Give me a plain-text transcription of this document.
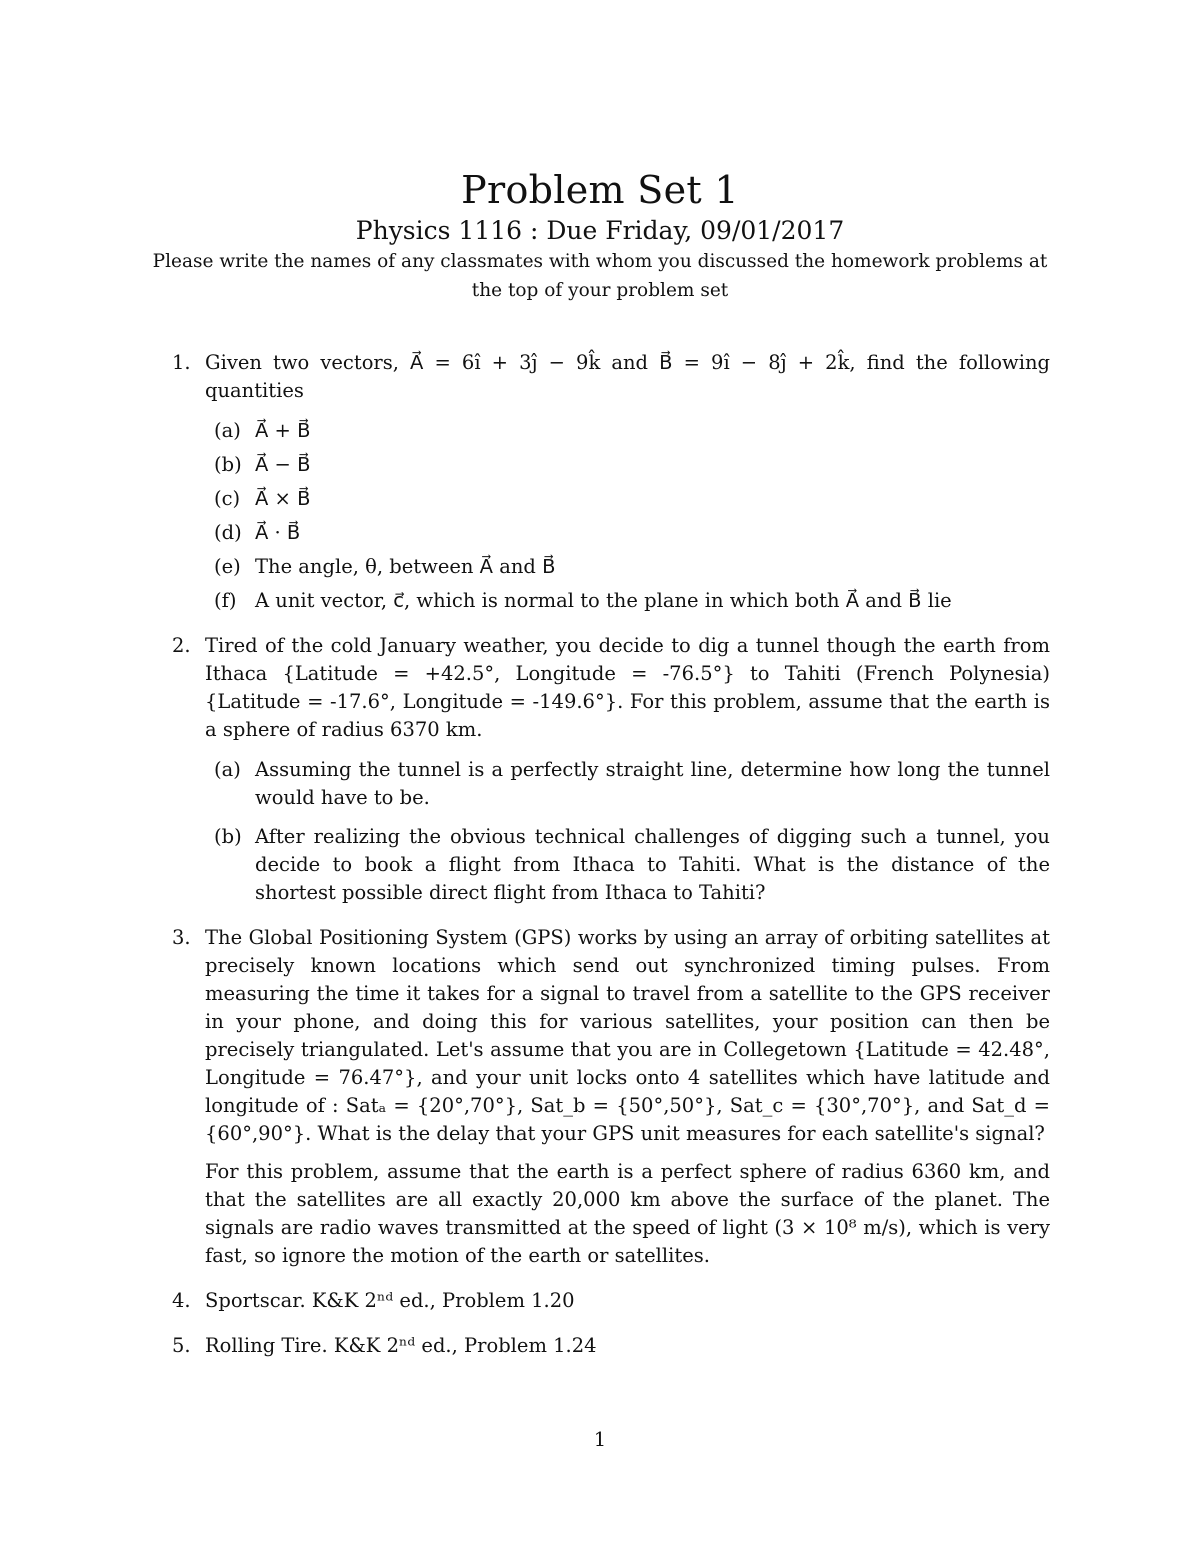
Problem Set 1
Physics 1116 : Due Friday, 09/01/2017
Please write the names of any classmates with whom you discussed the homework problems at the top of your problem set
1. Given two vectors, A⃗ = 6î + 3ĵ − 9k̂ and B⃗ = 9î − 8ĵ + 2k̂, find the following quantities
(a) A⃗ + B⃗
(b) A⃗ − B⃗
(c) A⃗ × B⃗
(d) A⃗ · B⃗
(e) The angle, θ, between A⃗ and B⃗
(f) A unit vector, c⃗, which is normal to the plane in which both A⃗ and B⃗ lie
2. Tired of the cold January weather, you decide to dig a tunnel though the earth from Ithaca {Latitude = +42.5°, Longitude = -76.5°} to Tahiti (French Polynesia) {Latitude = -17.6°, Longitude = -149.6°}. For this problem, assume that the earth is a sphere of radius 6370 km.
(a) Assuming the tunnel is a perfectly straight line, determine how long the tunnel would have to be.
(b) After realizing the obvious technical challenges of digging such a tunnel, you decide to book a flight from Ithaca to Tahiti. What is the distance of the shortest possible direct flight from Ithaca to Tahiti?
3. The Global Positioning System (GPS) works by using an array of orbiting satellites at precisely known locations which send out synchronized timing pulses. From measuring the time it takes for a signal to travel from a satellite to the GPS receiver in your phone, and doing this for various satellites, your position can then be precisely triangulated. Let's assume that you are in Collegetown {Latitude = 42.48°, Longitude = 76.47°}, and your unit locks onto 4 satellites which have latitude and longitude of : Satₐ = {20°,70°}, Sat_b = {50°,50°}, Sat_c = {30°,70°}, and Sat_d = {60°,90°}. What is the delay that your GPS unit measures for each satellite's signal?
For this problem, assume that the earth is a perfect sphere of radius 6360 km, and that the satellites are all exactly 20,000 km above the surface of the planet. The signals are radio waves transmitted at the speed of light (3 × 10⁸ m/s), which is very fast, so ignore the motion of the earth or satellites.
4. Sportscar. K&K 2ⁿᵈ ed., Problem 1.20
5. Rolling Tire. K&K 2ⁿᵈ ed., Problem 1.24
1
